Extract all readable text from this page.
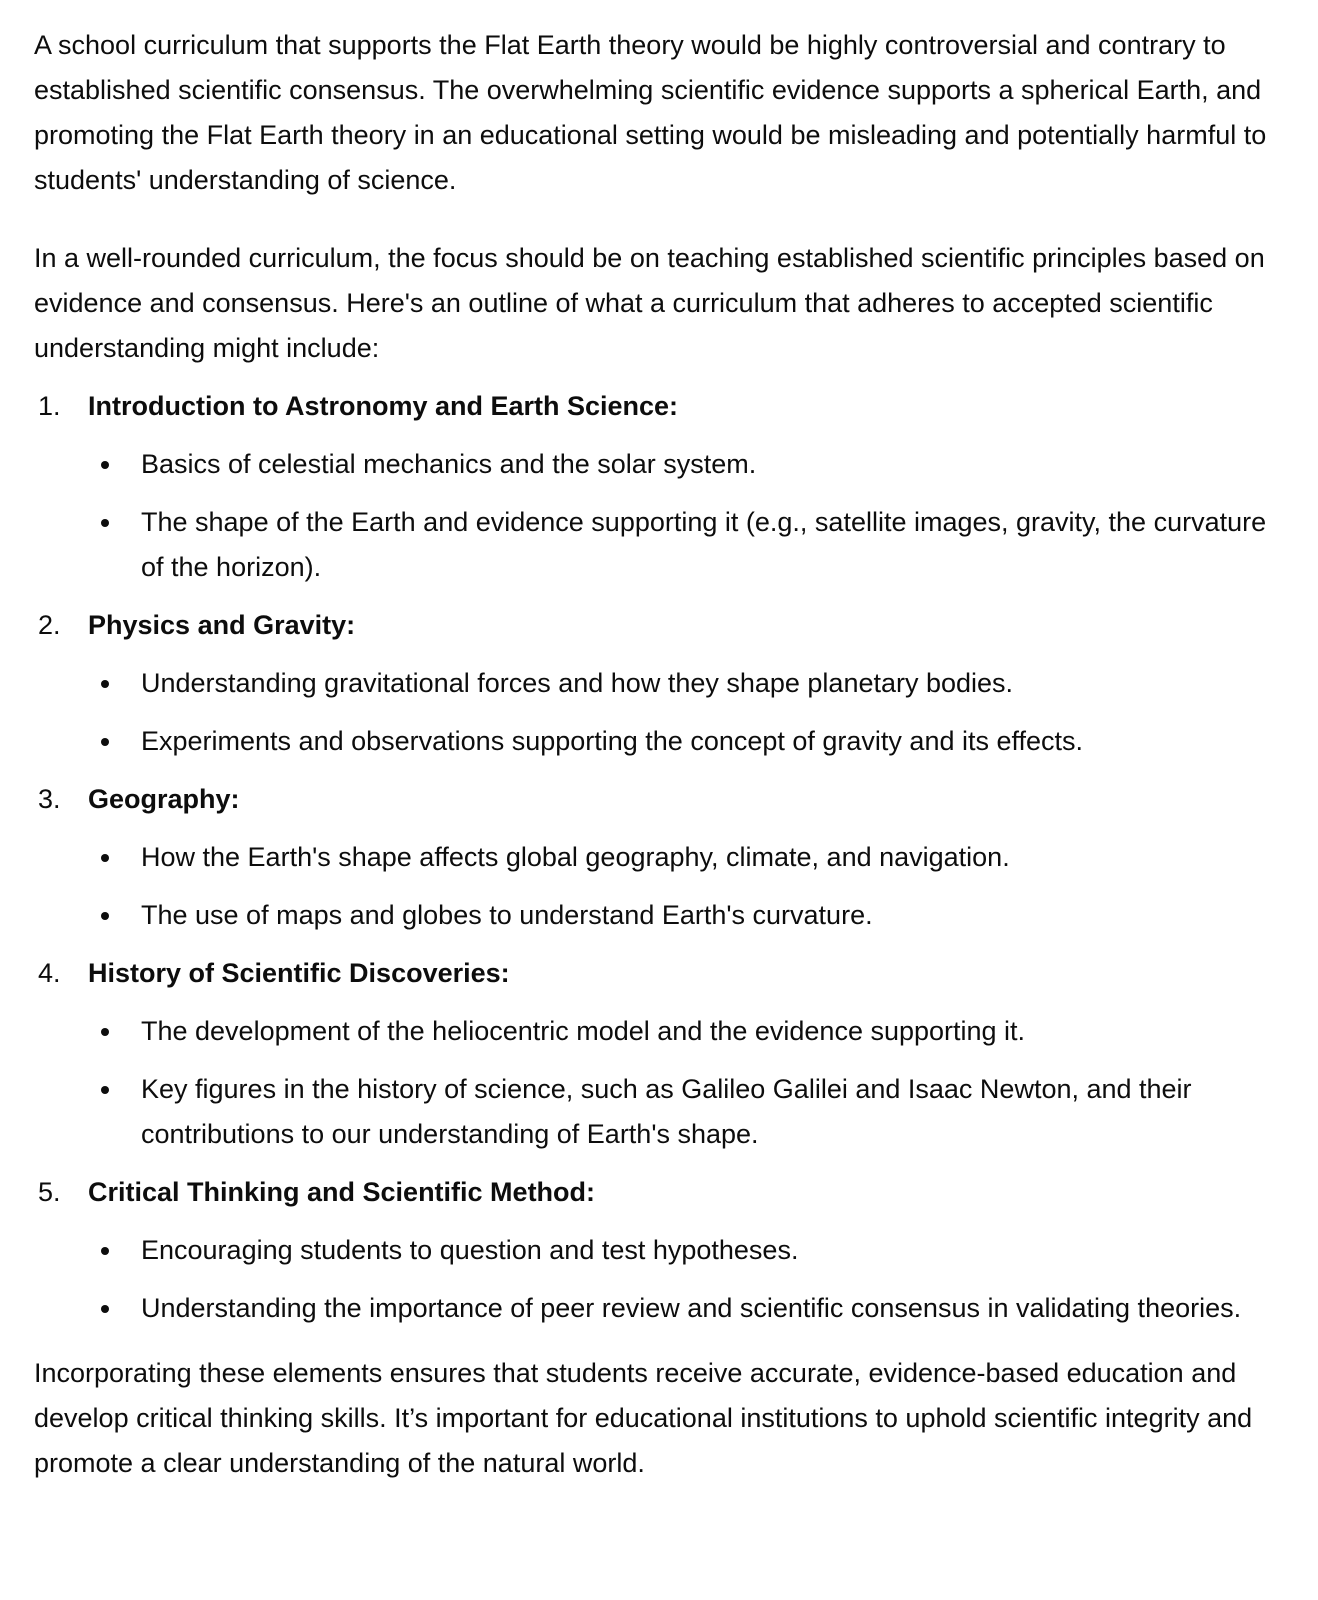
A school curriculum that supports the Flat Earth theory would be highly controversial and contrary to established scientific consensus. The overwhelming scientific evidence supports a spherical Earth, and promoting the Flat Earth theory in an educational setting would be misleading and potentially harmful to students' understanding of science.

In a well-rounded curriculum, the focus should be on teaching established scientific principles based on evidence and consensus. Here's an outline of what a curriculum that adheres to accepted scientific understanding might include:

1. Introduction to Astronomy and Earth Science:
Basics of celestial mechanics and the solar system.
The shape of the Earth and evidence supporting it (e.g., satellite images, gravity, the curvature of the horizon).
2. Physics and Gravity:
Understanding gravitational forces and how they shape planetary bodies.
Experiments and observations supporting the concept of gravity and its effects.
3. Geography:
How the Earth's shape affects global geography, climate, and navigation.
The use of maps and globes to understand Earth's curvature.
4. History of Scientific Discoveries:
The development of the heliocentric model and the evidence supporting it.
Key figures in the history of science, such as Galileo Galilei and Isaac Newton, and their contributions to our understanding of Earth's shape.
5. Critical Thinking and Scientific Method:
Encouraging students to question and test hypotheses.
Understanding the importance of peer review and scientific consensus in validating theories.

Incorporating these elements ensures that students receive accurate, evidence-based education and develop critical thinking skills. It’s important for educational institutions to uphold scientific integrity and promote a clear understanding of the natural world.
